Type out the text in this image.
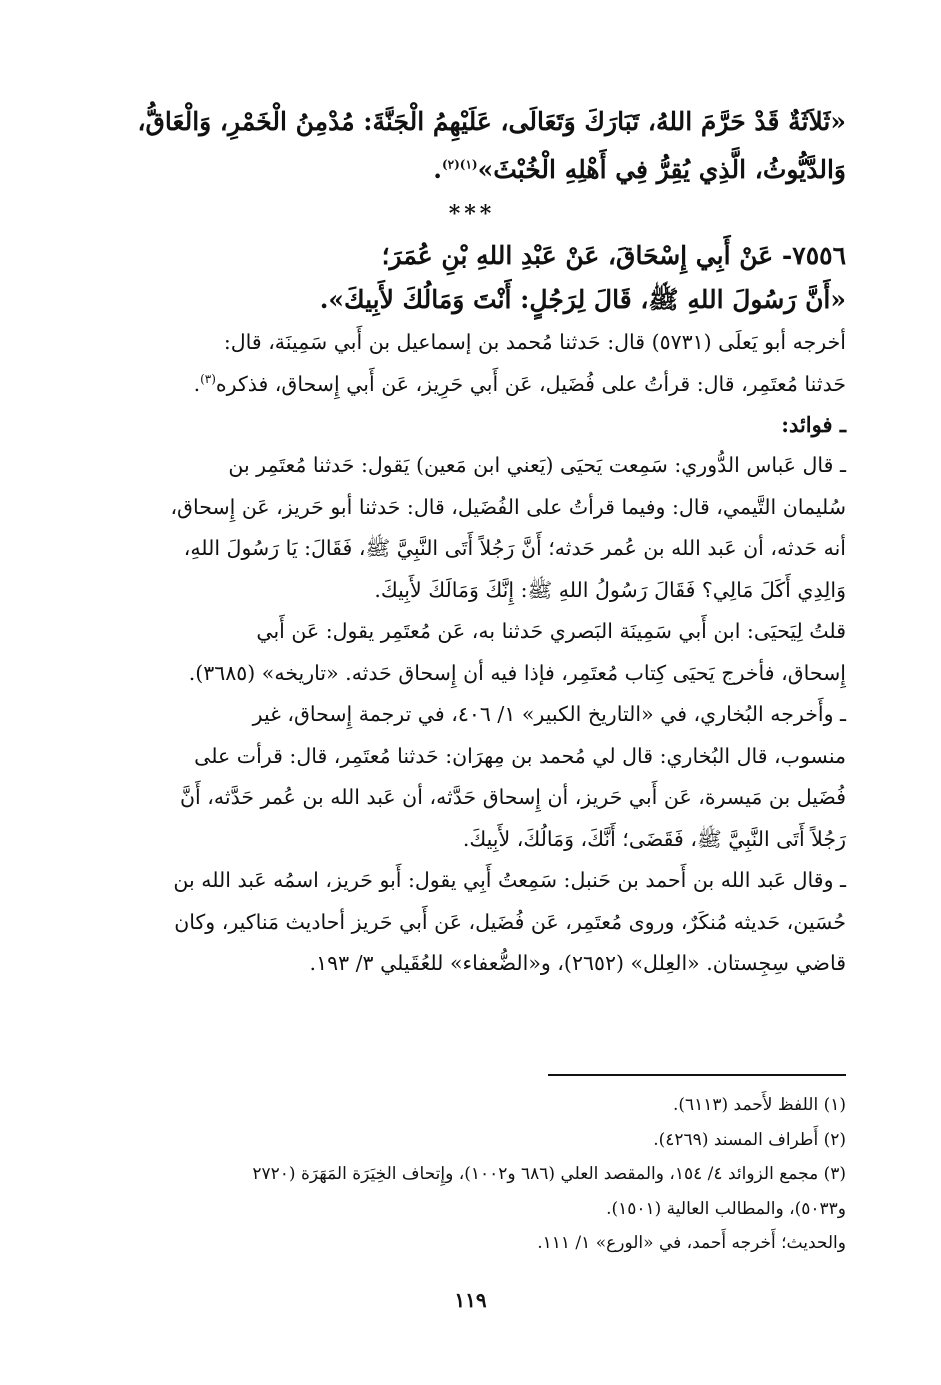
«ثَلاَثَةٌ قَدْ حَرَّمَ اللهُ، تَبَارَكَ وَتَعَالَى، عَلَيْهِمُ الْجَنَّةَ: مُدْمِنُ الْخَمْرِ، وَالْعَاقُّ،
وَالدَّيُّوثُ، الَّذِي يُقِرُّ فِي أَهْلِهِ الْخُبْثَ»$^{(١)(٢)}$.
***
٧٥٥٦- عَنْ أَبِي إِسْحَاقَ، عَنْ عَبْدِ اللهِ بْنِ عُمَرَ؛
«أَنَّ رَسُولَ اللهِ ﷺ، قَالَ لِرَجُلٍ: أَنْتَ وَمَالُكَ لأَبِيكَ».
أخرجه أبو يَعلَى (٥٧٣١) قال: حَدثنا مُحمد بن إسماعيل بن أَبي سَمِينَة، قال:
حَدثنا مُعتَمِر، قال: قرأتُ على فُضَيل، عَن أَبي حَرِيز، عَن أَبي إِسحاق، فذكره$^{(٣)}$.
ـ فوائد:
ـ قال عَباس الدُّوري: سَمِعت يَحيَى (يَعني ابن مَعين) يَقول: حَدثنا مُعتَمِر بن
سُليمان التَّيمي، قال: وفيما قرأتُ على الفُضَيل، قال: حَدثنا أبو حَريز، عَن إِسحاق،
أنه حَدثه، أن عَبد الله بن عُمر حَدثه؛ أَنَّ رَجُلاً أَتَى النَّبِيَّ ﷺ، فَقَالَ: يَا رَسُولَ اللهِ،
وَالِدِي أَكَلَ مَالِي؟ فَقَالَ رَسُولُ اللهِ ﷺ: إِنَّكَ وَمَالَكَ لأَبِيكَ.
قلتُ لِيَحيَى: ابن أَبي سَمِينَة البَصري حَدثنا به، عَن مُعتَمِر يقول: عَن أَبي
إِسحاق، فأخرج يَحيَى كِتاب مُعتَمِر، فإذا فيه أن إِسحاق حَدثه. «تاريخه» (٣٦٨٥).
ـ وأَخرجه البُخاري، في «التاريخ الكبير» ١/ ٤٠٦، في ترجمة إِسحاق، غير
منسوب، قال البُخاري: قال لي مُحمد بن مِهرَان: حَدثنا مُعتَمِر، قال: قرأت على
فُضَيل بن مَيسرة، عَن أَبي حَريز، أن إِسحاق حَدَّثه، أن عَبد الله بن عُمر حَدَّثه، أَنَّ
رَجُلاً أَتَى النَّبِيَّ ﷺ، فَقَضَى؛ أَنَّكَ، وَمَالُكَ، لأَبِيكَ.
ـ وقال عَبد الله بن أَحمد بن حَنبل: سَمِعتُ أَبِي يقول: أَبو حَريز، اسمُه عَبد الله بن
حُسَين، حَديثه مُنكَرٌ، وروى مُعتَمِر، عَن فُضَيل، عَن أَبي حَريز أحاديث مَناكير، وكان
قاضي سِجِستان. «العِلل» (٢٦٥٢)، و«الضُّعفاء» للعُقَيلي ٣/ ١٩٣.
(١) اللفظ لأَحمد (٦١١٣).
(٢) أَطراف المسند (٤٢٦٩).
(٣) مجمع الزوائد ٤/ ١٥٤، والمقصد العلي (٦٨٦ و١٠٠٢)، وإِتحاف الخِيَرَة المَهَرَة (٢٧٢٠
و٥٠٣٣)، والمطالب العالية (١٥٠١).
والحديث؛ أَخرجه أَحمد، في «الورع» ١/ ١١١.
١١٩
